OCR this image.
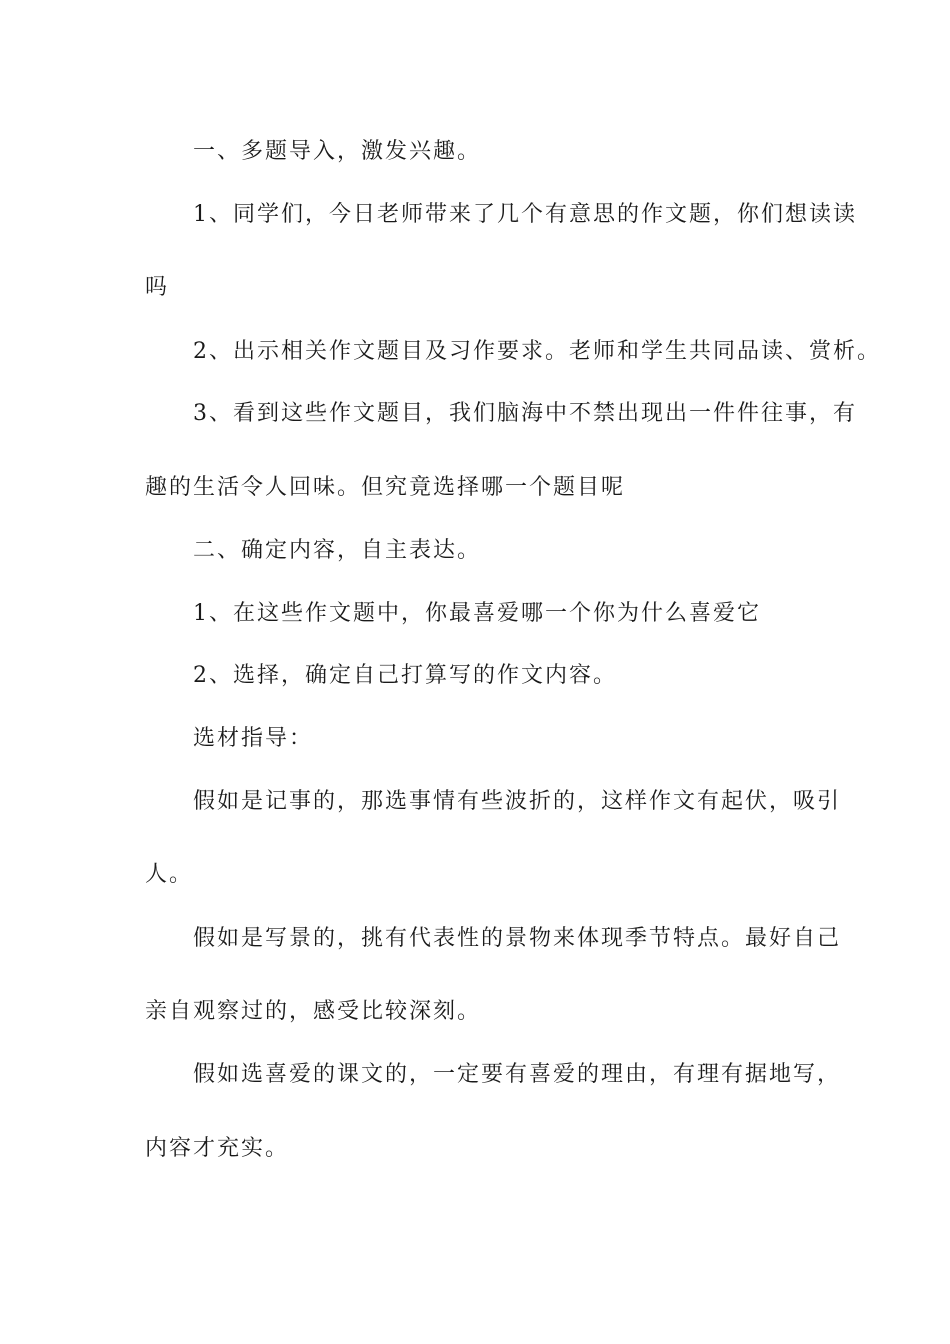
一、多题导入，激发兴趣。
1、同学们，今日老师带来了几个有意思的作文题，你们想读读
吗
2、出示相关作文题目及习作要求。老师和学生共同品读、赏析。
3、看到这些作文题目，我们脑海中不禁出现出一件件往事，有
趣的生活令人回味。但究竟选择哪一个题目呢
二、确定内容，自主表达。
1、在这些作文题中，你最喜爱哪一个你为什么喜爱它
2、选择，确定自己打算写的作文内容。
选材指导：
假如是记事的，那选事情有些波折的，这样作文有起伏，吸引
人。
假如是写景的，挑有代表性的景物来体现季节特点。最好自己
亲自观察过的，感受比较深刻。
假如选喜爱的课文的，一定要有喜爱的理由，有理有据地写，
内容才充实。
